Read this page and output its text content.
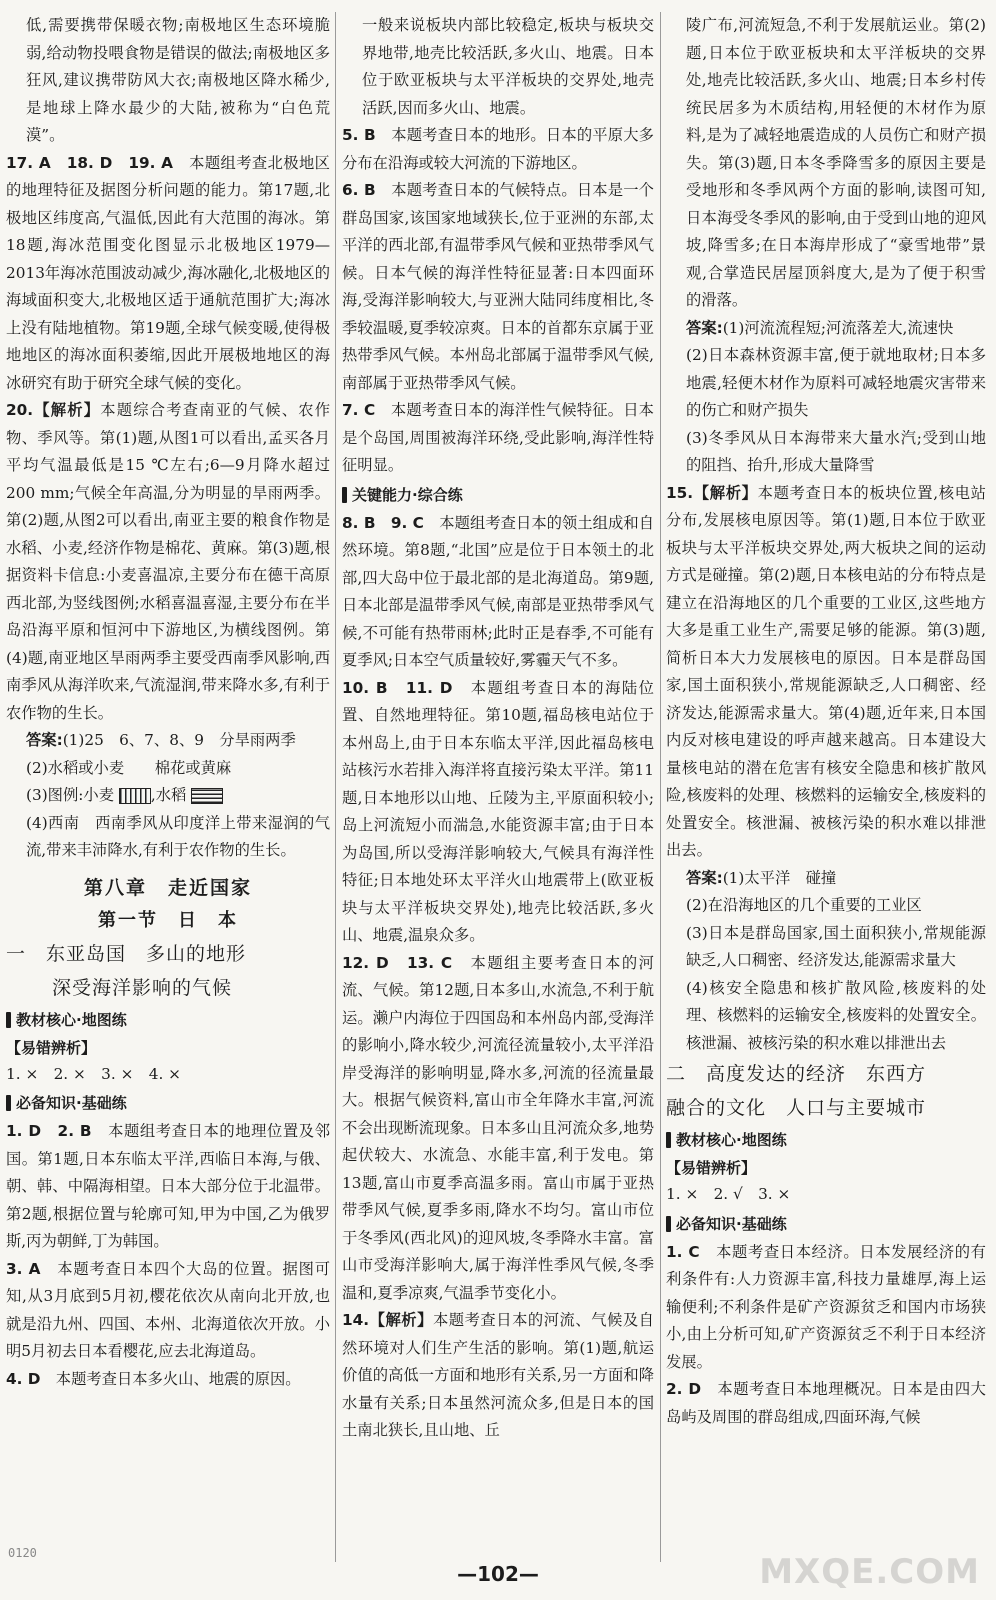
低,需要携带保暖衣物;南极地区生态环境脆弱,给动物投喂食物是错误的做法;南极地区多狂风,建议携带防风大衣;南极地区降水稀少,是地球上降水最少的大陆,被称为“白色荒漠”。

17. A　18. D　19. A　本题组考查北极地区的地理特征及据图分析问题的能力。第17题,北极地区纬度高,气温低,因此有大范围的海冰。第18题,海冰范围变化图显示北极地区1979—2013年海冰范围波动减少,海冰融化,北极地区的海域面积变大,北极地区适于通航范围扩大;海冰上没有陆地植物。第19题,全球气候变暖,使得极地地区的海冰面积萎缩,因此开展极地地区的海冰研究有助于研究全球气候的变化。

20.【解析】本题综合考查南亚的气候、农作物、季风等。第(1)题,从图1可以看出,孟买各月平均气温最低是15 ℃左右;6—9月降水超过200 mm;气候全年高温,分为明显的旱雨两季。第(2)题,从图2可以看出,南亚主要的粮食作物是水稻、小麦,经济作物是棉花、黄麻。第(3)题,根据资料卡信息:小麦喜温凉,主要分布在德干高原西北部,为竖线图例;水稻喜温喜湿,主要分布在半岛沿海平原和恒河中下游地区,为横线图例。第(4)题,南亚地区旱雨两季主要受西南季风影响,西南季风从海洋吹来,气流湿润,带来降水多,有利于农作物的生长。

答案:(1)25　6、7、8、9　分旱雨两季

(2)水稻或小麦　　棉花或黄麻

(3)图例:小麦 ,水稻

(4)西南　西南季风从印度洋上带来湿润的气流,带来丰沛降水,有利于农作物的生长。

第八章　走近国家
第一节　日　本
一　东亚岛国　多山的地形
深受海洋影响的气候
教材核心·地图练
【易错辨析】

1. ×　2. ×　3. ×　4. ×

必备知识·基础练

1. D　2. B　本题组考查日本的地理位置及邻国。第1题,日本东临太平洋,西临日本海,与俄、朝、韩、中隔海相望。日本大部分位于北温带。第2题,根据位置与轮廓可知,甲为中国,乙为俄罗斯,丙为朝鲜,丁为韩国。

3. A　本题考查日本四个大岛的位置。据图可知,从3月底到5月初,樱花依次从南向北开放,也就是沿九州、四国、本州、北海道依次开放。小明5月初去日本看樱花,应去北海道岛。

4. D　本题考查日本多火山、地震的原因。

一般来说板块内部比较稳定,板块与板块交界地带,地壳比较活跃,多火山、地震。日本位于欧亚板块与太平洋板块的交界处,地壳活跃,因而多火山、地震。

5. B　本题考查日本的地形。日本的平原大多分布在沿海或较大河流的下游地区。

6. B　本题考查日本的气候特点。日本是一个群岛国家,该国家地域狭长,位于亚洲的东部,太平洋的西北部,有温带季风气候和亚热带季风气候。日本气候的海洋性特征显著:日本四面环海,受海洋影响较大,与亚洲大陆同纬度相比,冬季较温暖,夏季较凉爽。日本的首都东京属于亚热带季风气候。本州岛北部属于温带季风气候,南部属于亚热带季风气候。

7. C　本题考查日本的海洋性气候特征。日本是个岛国,周围被海洋环绕,受此影响,海洋性特征明显。

关键能力·综合练

8. B　9. C　本题组考查日本的领土组成和自然环境。第8题,“北国”应是位于日本领土的北部,四大岛中位于最北部的是北海道岛。第9题,日本北部是温带季风气候,南部是亚热带季风气候,不可能有热带雨林;此时正是春季,不可能有夏季风;日本空气质量较好,雾霾天气不多。

10. B　11. D　本题组考查日本的海陆位置、自然地理特征。第10题,福岛核电站位于本州岛上,由于日本东临太平洋,因此福岛核电站核污水若排入海洋将直接污染太平洋。第11题,日本地形以山地、丘陵为主,平原面积较小;岛上河流短小而湍急,水能资源丰富;由于日本为岛国,所以受海洋影响较大,气候具有海洋性特征;日本地处环太平洋火山地震带上(欧亚板块与太平洋板块交界处),地壳比较活跃,多火山、地震,温泉众多。

12. D　13. C　本题组主要考查日本的河流、气候。第12题,日本多山,水流急,不利于航运。濑户内海位于四国岛和本州岛内部,受海洋的影响小,降水较少,河流径流量较小,太平洋沿岸受海洋的影响明显,降水多,河流的径流量最大。根据气候资料,富山市全年降水丰富,河流不会出现断流现象。日本多山且河流众多,地势起伏较大、水流急、水能丰富,利于发电。第13题,富山市夏季高温多雨。富山市属于亚热带季风气候,夏季多雨,降水不均匀。富山市位于冬季风(西北风)的迎风坡,冬季降水丰富。富山市受海洋影响大,属于海洋性季风气候,冬季温和,夏季凉爽,气温季节变化小。

14.【解析】本题考查日本的河流、气候及自然环境对人们生产生活的影响。第(1)题,航运价值的高低一方面和地形有关系,另一方面和降水量有关系;日本虽然河流众多,但是日本的国土南北狭长,且山地、丘

陵广布,河流短急,不利于发展航运业。第(2)题,日本位于欧亚板块和太平洋板块的交界处,地壳比较活跃,多火山、地震;日本乡村传统民居多为木质结构,用轻便的木材作为原料,是为了减轻地震造成的人员伤亡和财产损失。第(3)题,日本冬季降雪多的原因主要是受地形和冬季风两个方面的影响,读图可知,日本海受冬季风的影响,由于受到山地的迎风坡,降雪多;在日本海岸形成了“豪雪地带”景观,合掌造民居屋顶斜度大,是为了便于积雪的滑落。

答案:(1)河流流程短;河流落差大,流速快

(2)日本森林资源丰富,便于就地取材;日本多地震,轻便木材作为原料可减轻地震灾害带来的伤亡和财产损失

(3)冬季风从日本海带来大量水汽;受到山地的阻挡、抬升,形成大量降雪

15.【解析】本题考查日本的板块位置,核电站分布,发展核电原因等。第(1)题,日本位于欧亚板块与太平洋板块交界处,两大板块之间的运动方式是碰撞。第(2)题,日本核电站的分布特点是建立在沿海地区的几个重要的工业区,这些地方大多是重工业生产,需要足够的能源。第(3)题,简析日本大力发展核电的原因。日本是群岛国家,国土面积狭小,常规能源缺乏,人口稠密、经济发达,能源需求量大。第(4)题,近年来,日本国内反对核电建设的呼声越来越高。日本建设大量核电站的潜在危害有核安全隐患和核扩散风险,核废料的处理、核燃料的运输安全,核废料的处置安全。核泄漏、被核污染的积水难以排泄出去。

答案:(1)太平洋　碰撞

(2)在沿海地区的几个重要的工业区

(3)日本是群岛国家,国土面积狭小,常规能源缺乏,人口稠密、经济发达,能源需求量大

(4)核安全隐患和核扩散风险,核废料的处理、核燃料的运输安全,核废料的处置安全。核泄漏、被核污染的积水难以排泄出去

二　高度发达的经济　东西方
融合的文化　人口与主要城市
教材核心·地图练
【易错辨析】

1. ×　2. √　3. ×

必备知识·基础练

1. C　本题考查日本经济。日本发展经济的有利条件有:人力资源丰富,科技力量雄厚,海上运输便利;不利条件是矿产资源贫乏和国内市场狭小,由上分析可知,矿产资源贫乏不利于日本经济发展。

2. D　本题考查日本地理概况。日本是由四大岛屿及周围的群岛组成,四面环海,气候

0120
—102—	MXQE.COM
